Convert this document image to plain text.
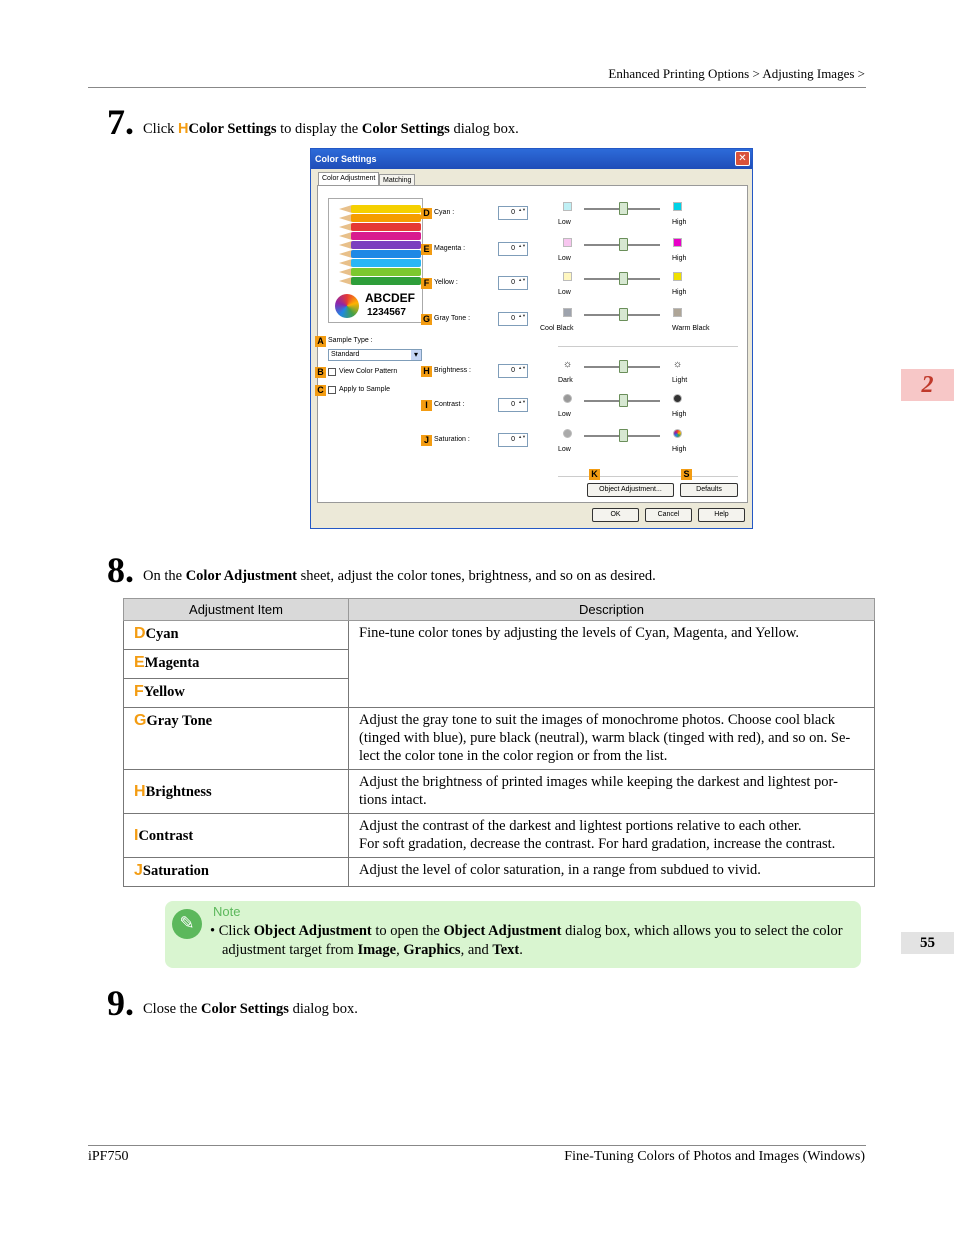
Enhanced Printing Options > Adjusting Images >
7. Click HColor Settings to display the Color Settings dialog box.
Color Settings	✕
Color Adjustment	Matching
ABCDEF
1234567
A Sample Type :
Standard ▾
B	View Color Pattern
C	Apply to Sample
D Cyan :	0 ▲▼
Low	High
E Magenta :	0 ▲▼
Low	High
F Yellow :	0 ▲▼
Low	High
G Gray Tone :	0 ▲▼
Cool Black	Warm Black
H Brightness :	0 ▲▼
☼	☼
Dark	Light
I Contrast :	0 ▲▼
Low	High
J Saturation :	0 ▲▼
Low	High
K	S
Object Adjustment...	Defaults
OK	Cancel	Help
8. On the Color Adjustment sheet, adjust the color tones, brightness, and so on as desired.
Adjustment Item	Description
DCyan	Fine-tune color tones by adjusting the levels of Cyan, Magenta, and Yellow.
EMagenta	
FYellow	
GGray Tone	Adjust the gray tone to suit the images of monochrome photos. Choose cool black (tinged with blue), pure black (neutral), warm black (tinged with red), and so on. Se-lect the color tone in the color region or from the list.
HBrightness	Adjust the brightness of printed images while keeping the darkest and lightest por-tions intact.
IContrast	Adjust the contrast of the darkest and lightest portions relative to each other.
For soft gradation, decrease the contrast. For hard gradation, increase the contrast.

JSaturation	Adjust the level of color saturation, in a range from subdued to vivid.
✎
Note
• Click Object Adjustment to open the Object Adjustment dialog box, which allows you to select the color adjustment target from Image, Graphics, and Text.
9. Close the Color Settings dialog box.
2
55
iPF750	Fine-Tuning Colors of Photos and Images (Windows)
